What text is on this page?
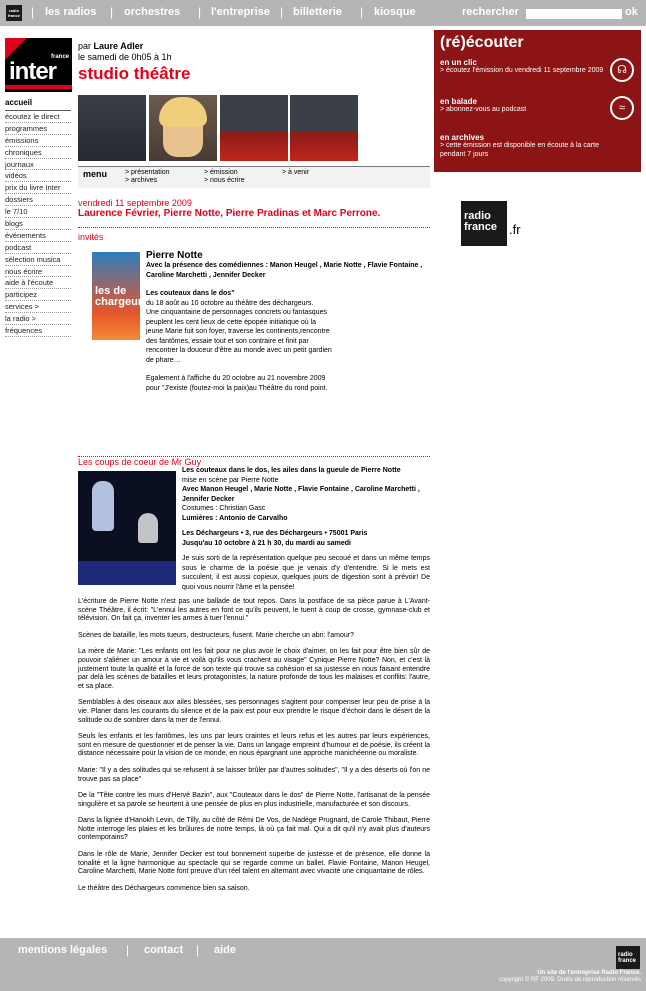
radio france | les radios | orchestres | l'entreprise | billetterie | kiosque	rechercher	ok
france
inter
par Laure Adler
le samedi de 0h05 à 1h
studio théâtre
accueil
écoutez le direct
programmes
émissions
chroniques
journaux
vidéos
prix du livre Inter
dossiers
le 7/10
blogs
événements
podcast
sélection musica
nous écrire
aide à l'écoute
participez
services >
la radio >
fréquences
menu	> présentation
> archives
> émission
> nous écrire
> à venir
vendredi 11 septembre 2009
Laurence Février, Pierre Notte, Pierre Pradinas et Marc Perrone.
invités
les de chargeurs
Pierre Notte

Avec la présence des comédiennes : Manon Heugel , Marie Notte , Flavie Fontaine , Caroline Marchetti , Jennifer Decker

Les couteaux dans le dos"

du 18 août au 10 octobre au théâtre des déchargeurs.

Une cinquantaine de personnages concrets ou fantasques peuplent les cent lieux de cette épopée initiatique où la jeune Marie fuit son foyer, traverse les continents,rencontre des fantômes, essaie tout et son contraire et finit par rencontrer la douceur d'être au monde avec un petit gardien de phare…

Egalement à l'affiche du 20 octobre au 21 novembre 2009 pour "J'existe (foutez-moi la paix)au Théâtre du rond point.

Les coups de coeur de Mr Guy
Les couteaux dans le dos, les ailes dans la gueule de Pierre Notte
mise en scène par Pierre Notte
Avec Manon Heugel , Marie Notte , Flavie Fontaine , Caroline Marchetti , Jennifer Decker
Costumes : Christian Gasc
Lumières : Antonio de Carvalho

Les Déchargeurs • 3, rue des Déchargeurs • 75001 Paris
Jusqu'au 10 octobre à 21 h 30, du mardi au samedi
Je suis sorti de la représentation quelque peu secoué et dans un même temps sous le charme de la poésie que je venais d'y d'entendre. Si le mets est succulent, il est aussi copieux, quelques jours de digestion sont à prévoir! De quoi vous nourrir l'âme et la pensée!

L'écriture de Pierre Notte n'est pas une ballade de tout repos. Dans la postface de sa pièce parue à L'Avant-scène Théâtre, il écrit: "L'ennui les autres en font ce qu'ils peuvent, le tuent à coup de crosse, gymnase-club et télévision. On fait ça, inventer les armes à tuer l'ennui."

Scènes de bataille, les mots tueurs, destructeurs, fusent. Marie cherche un abri: l'amour?

La mère de Marie: "Les enfants ont les fait pour ne plus avoir le choix d'aimer, on les fait pour être bien sûr de pouvoir s'aliéner un amour à vie et voilà qu'ils vous crachent au visage" Cynique Pierre Notte? Non, et c'est là justement toute la qualité et la force de son texte qui trouve sa cohésion et sa justesse en nous faisant entendre par delà les scènes de batailles et leurs protagonistes, la nature profonde de tous les malaises et conflits: l'autre, et sa place.

Semblables à des oiseaux aux ailes blessées, ses personnages s'agitent pour compenser leur peu de prise à la vie. Planer dans les courants du silence et de la paix est pour eux prendre le risque d'échoir dans le désert de la solitude ou de sombrer dans la mer de l'ennui.

Seuls les enfants et les fantômes, les uns par leurs craintes et leurs refus et les autres par leurs expériences, sont en mesure de questionner et de penser la vie. Dans un langage empreint d'humour et de poésie, ils créent la distance nécessaire pour la vision de ce monde, en nous épargnant une approche manichéenne ou moraliste.

Marie: "Il y a des solitudes qui se refusent à se laisser brûler par d'autres solitudes", "Il y a des déserts où l'on ne trouve pas sa place"

De la "Tête contre les murs d'Hervé Bazin", aux "Couteaux dans le dos" de Pierre Notte, l'artisanat de la pensée singulière et sa parole se heurtent à une pensée de plus en plus industrielle, manufacturée et son discours.

Dans la lignée d'Hanokh Levin, de Tilly, au côté de Rémi De Vos, de Nadège Prugnard, de Carole Thibaut, Pierre Notte interroge les plaies et les brûlures de notre temps, là où ça fait mal. Qui a dit qu'il n'y avait plus d'auteurs contemporains?

Dans le rôle de Marie, Jennifer Decker est tout bonnement superbe de justesse et de présence, elle donne la tonalité et la ligne harmonique au spectacle qui se regarde comme un ballet. Flavie Fontaine, Manon Heugel, Caroline Marchetti, Marie Notte font preuve d'un réel talent en alternant avec vivacité une cinquantaine de rôles.

Le théâtre des Déchargeurs commence bien sa saison.

(ré)écouter
en un clic
> écoutez l'émission du vendredi 11 septembre 2009	☊
en balade
> abonnez-vous au podcast	≈
en archives
> cette émission est disponible en écoute à la carte pendant 7 jours
radio france .fr
mentions légales | contact | aide	radio france
Un site de l'entreprise Radio France.
copyright © RF 2009. Droits de reproduction réservés
